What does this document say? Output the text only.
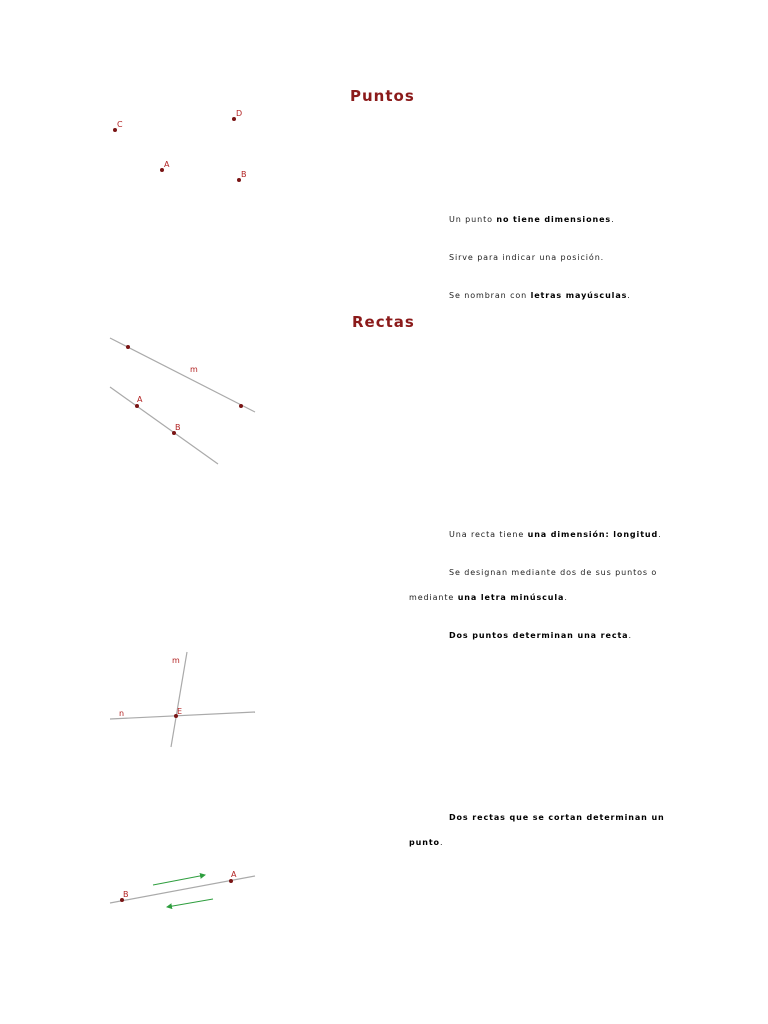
Puntos
C
D
A
B

Un punto no tiene dimensiones.

Sirve para indicar una posición.

Se nombran con letras mayúsculas.

Rectas
m
A
B

Una recta tiene una dimensión: longitud.

Se designan mediante dos de sus puntos o

mediante una letra minúscula.

Dos puntos determinan una recta.

m
n	E

Dos rectas que se cortan determinan un

punto.

B
A
